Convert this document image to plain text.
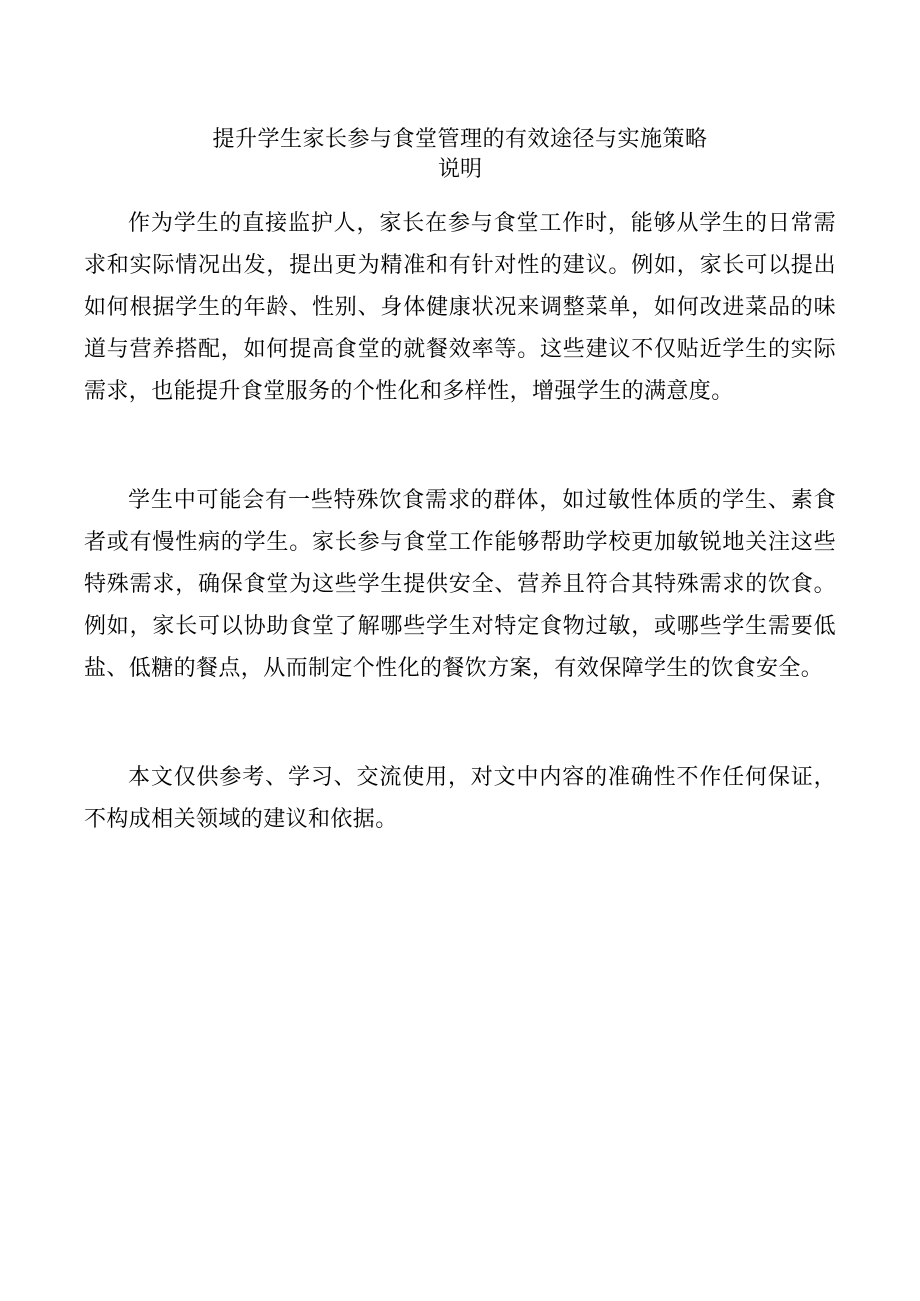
提升学生家长参与食堂管理的有效途径与实施策略
说明

作为学生的直接监护人，家长在参与食堂工作时，能够从学生的日常需求和实际情况出发，提出更为精准和有针对性的建议。例如，家长可以提出如何根据学生的年龄、性别、身体健康状况来调整菜单，如何改进菜品的味道与营养搭配，如何提高食堂的就餐效率等。这些建议不仅贴近学生的实际需求，也能提升食堂服务的个性化和多样性，增强学生的满意度。

学生中可能会有一些特殊饮食需求的群体，如过敏性体质的学生、素食者或有慢性病的学生。家长参与食堂工作能够帮助学校更加敏锐地关注这些特殊需求，确保食堂为这些学生提供安全、营养且符合其特殊需求的饮食。例如，家长可以协助食堂了解哪些学生对特定食物过敏，或哪些学生需要低盐、低糖的餐点，从而制定个性化的餐饮方案，有效保障学生的饮食安全。

本文仅供参考、学习、交流使用，对文中内容的准确性不作任何保证，不构成相关领域的建议和依据。
